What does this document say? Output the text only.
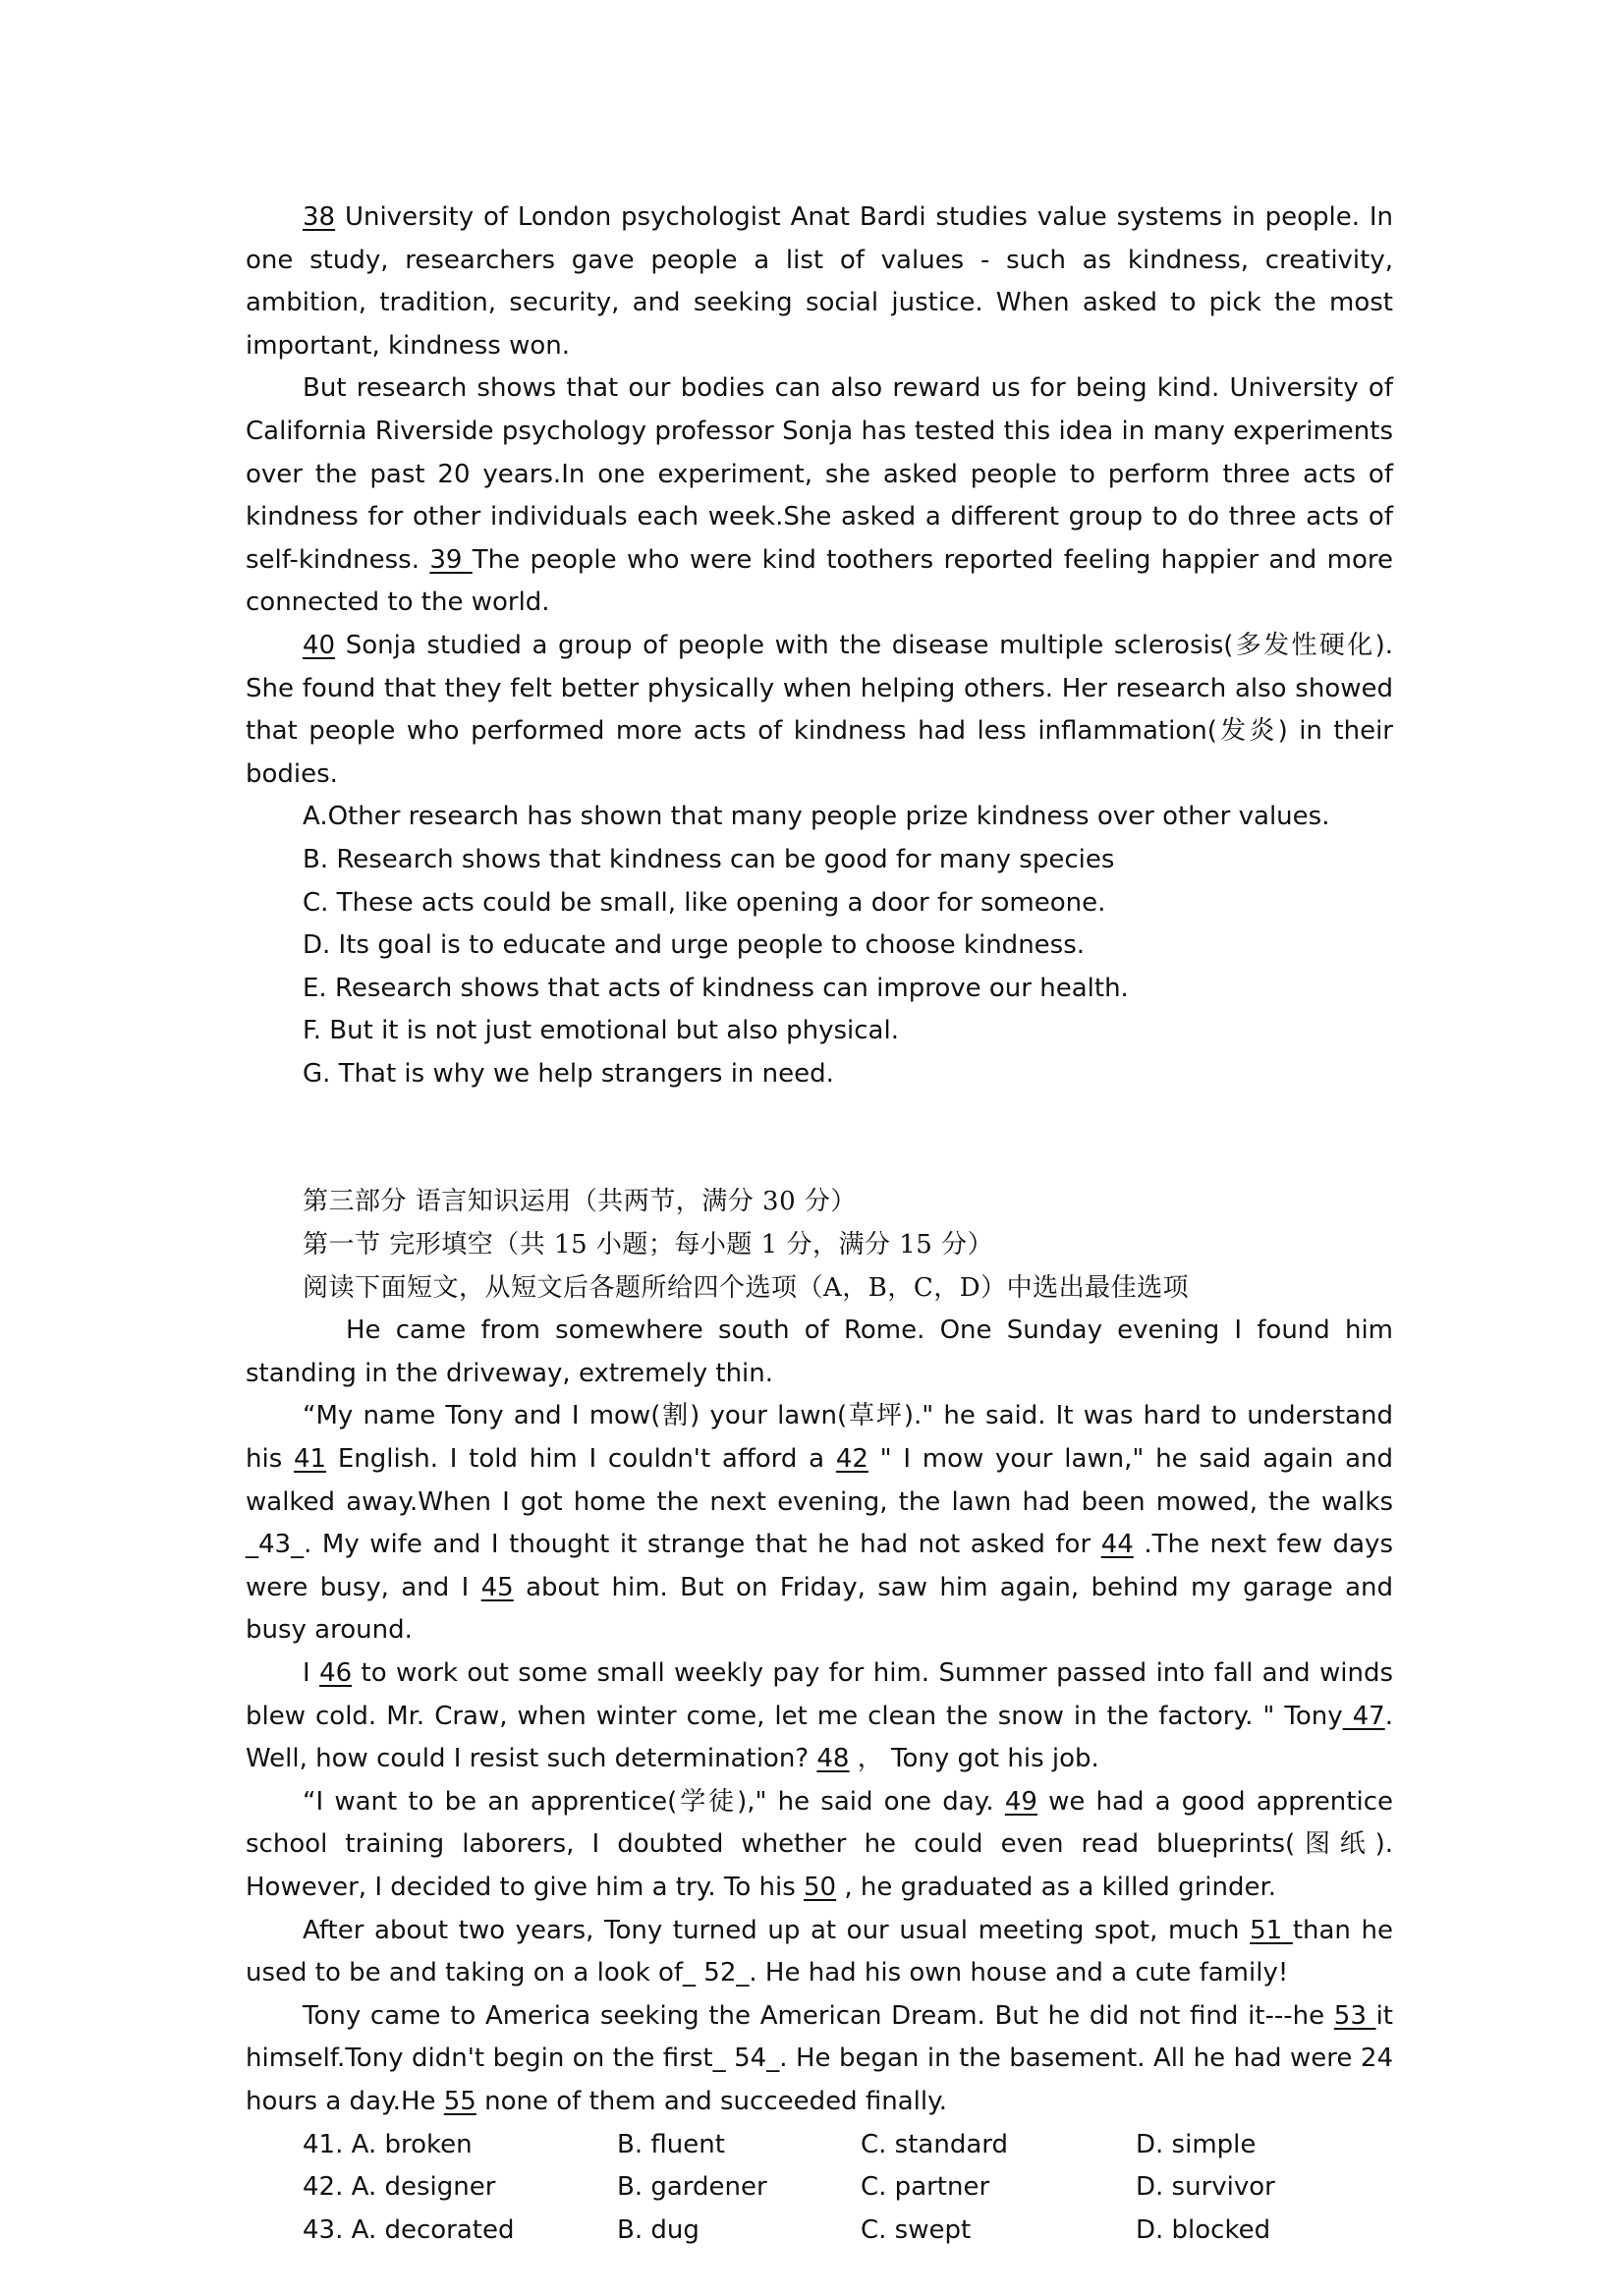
38 University of London psychologist Anat Bardi studies value systems in people. In one study, researchers gave people a list of values - such as kindness, creativity, ambition, tradition, security, and seeking social justice. When asked to pick the most important, kindness won.

But research shows that our bodies can also reward us for being kind. University of California Riverside psychology professor Sonja has tested this idea in many experiments over the past 20 years.In one experiment, she asked people to perform three acts of kindness for other individuals each week.She asked a different group to do three acts of self-kindness. 39 The people who were kind toothers reported feeling happier and more connected to the world.

40 Sonja studied a group of people with the disease multiple sclerosis(多发性硬化). She found that they felt better physically when helping others. Her research also showed that people who performed more acts of kindness had less inflammation(发炎) in their bodies.

A.Other research has shown that many people prize kindness over other values.

B. Research shows that kindness can be good for many species

C. These acts could be small, like opening a door for someone.

D. Its goal is to educate and urge people to choose kindness.

E. Research shows that acts of kindness can improve our health.

F. But it is not just emotional but also physical.

G. That is why we help strangers in need.

第三部分 语言知识运用（共两节，满分 30 分）

第一节 完形填空（共 15 小题；每小题 1 分，满分 15 分）

阅读下面短文，从短文后各题所给四个选项（A，B，C，D）中选出最佳选项

He came from somewhere south of Rome. One Sunday evening I found him standing in the driveway, extremely thin.

“My name Tony and I mow(割) your lawn(草坪)." he said. It was hard to understand his 41 English. I told him I couldn't afford a 42 " I mow your lawn," he said again and walked away.When I got home the next evening, the lawn had been mowed, the walks _43_. My wife and I thought it strange that he had not asked for 44 .The next few days were busy, and I 45 about him. But on Friday, saw him again, behind my garage and busy around.

I 46 to work out some small weekly pay for him. Summer passed into fall and winds blew cold. Mr. Craw, when winter come, let me clean the snow in the factory. " Tony 47. Well, how could I resist such determination? 48 ， Tony got his job.

“I want to be an apprentice(学徒)," he said one day. 49 we had a good apprentice school training laborers, I doubted whether he could even read blueprints(图纸). However, I decided to give him a try. To his 50 , he graduated as a killed grinder.

After about two years, Tony turned up at our usual meeting spot, much 51 than he used to be and taking on a look of_ 52_. He had his own house and a cute family!

Tony came to America seeking the American Dream. But he did not find it---he 53 it himself.Tony didn't begin on the first_ 54_. He began in the basement. All he had were 24 hours a day.He 55 none of them and succeeded finally.

41. A. broken	B. fluent	C. standard	D. simple
42. A. designer	B. gardener	C. partner	D. survivor
43. A. decorated	B. dug	C. swept	D. blocked
